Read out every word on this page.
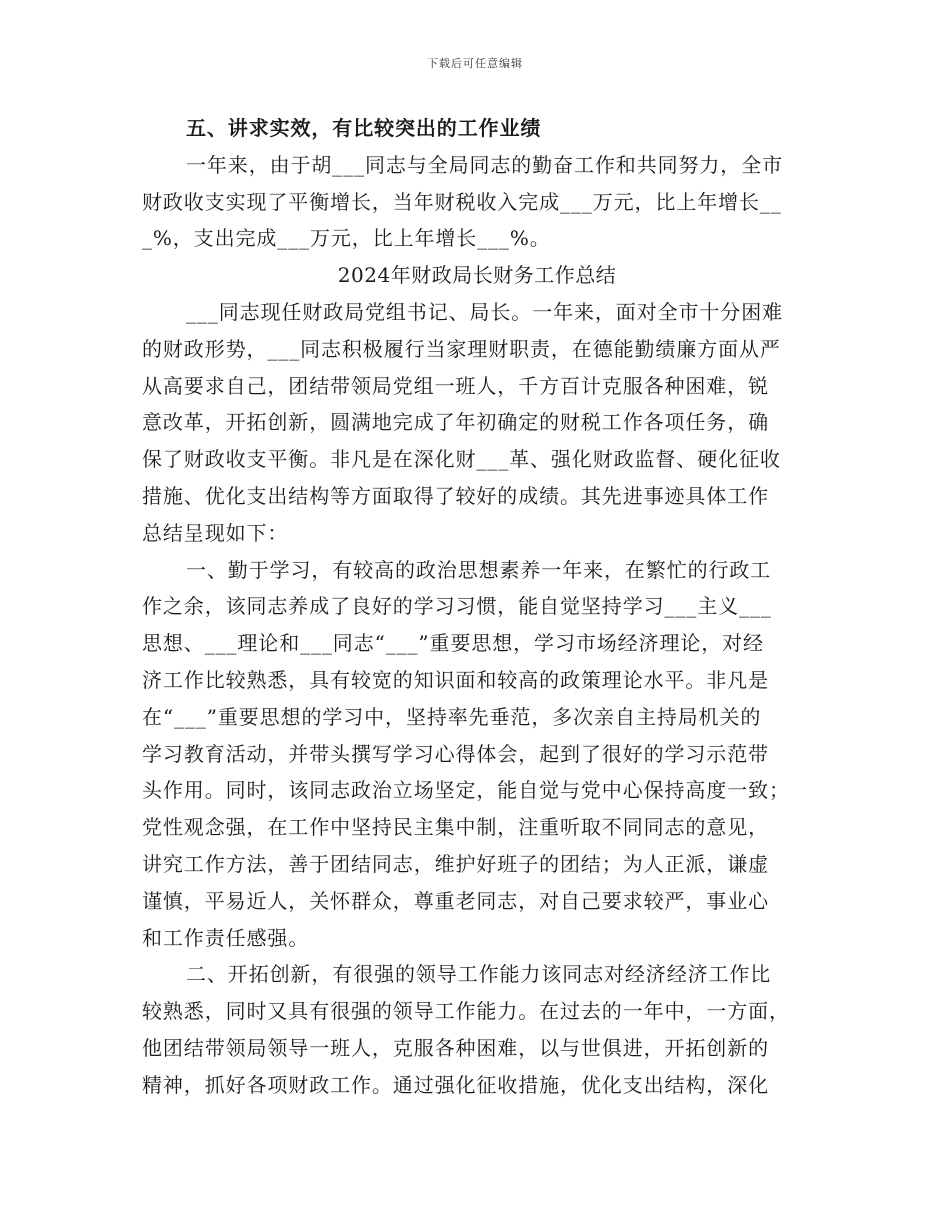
下载后可任意编辑
五、讲求实效，有比较突出的工作业绩
一年来，由于胡___同志与全局同志的勤奋工作和共同努力，全市
财政收支实现了平衡增长，当年财税收入完成___万元，比上年增长__
_%，支出完成___万元，比上年增长___%。
2024年财政局长财务工作总结
___同志现任财政局党组书记、局长。一年来，面对全市十分困难
的财政形势，___同志积极履行当家理财职责，在德能勤绩廉方面从严
从高要求自己，团结带领局党组一班人，千方百计克服各种困难，锐
意改革，开拓创新，圆满地完成了年初确定的财税工作各项任务，确
保了财政收支平衡。非凡是在深化财___革、强化财政监督、硬化征收
措施、优化支出结构等方面取得了较好的成绩。其先进事迹具体工作
总结呈现如下：
一、勤于学习，有较高的政治思想素养一年来，在繁忙的行政工
作之余，该同志养成了良好的学习习惯，能自觉坚持学习___主义___
思想、___理论和___同志“___”重要思想，学习市场经济理论，对经
济工作比较熟悉，具有较宽的知识面和较高的政策理论水平。非凡是
在“___”重要思想的学习中，坚持率先垂范，多次亲自主持局机关的
学习教育活动，并带头撰写学习心得体会，起到了很好的学习示范带
头作用。同时，该同志政治立场坚定，能自觉与党中心保持高度一致；
党性观念强，在工作中坚持民主集中制，注重听取不同同志的意见，
讲究工作方法，善于团结同志，维护好班子的团结；为人正派，谦虚
谨慎，平易近人，关怀群众，尊重老同志，对自己要求较严，事业心
和工作责任感强。
二、开拓创新，有很强的领导工作能力该同志对经济经济工作比
较熟悉，同时又具有很强的领导工作能力。在过去的一年中，一方面，
他团结带领局领导一班人，克服各种困难，以与世俱进，开拓创新的
精神，抓好各项财政工作。通过强化征收措施，优化支出结构，深化
